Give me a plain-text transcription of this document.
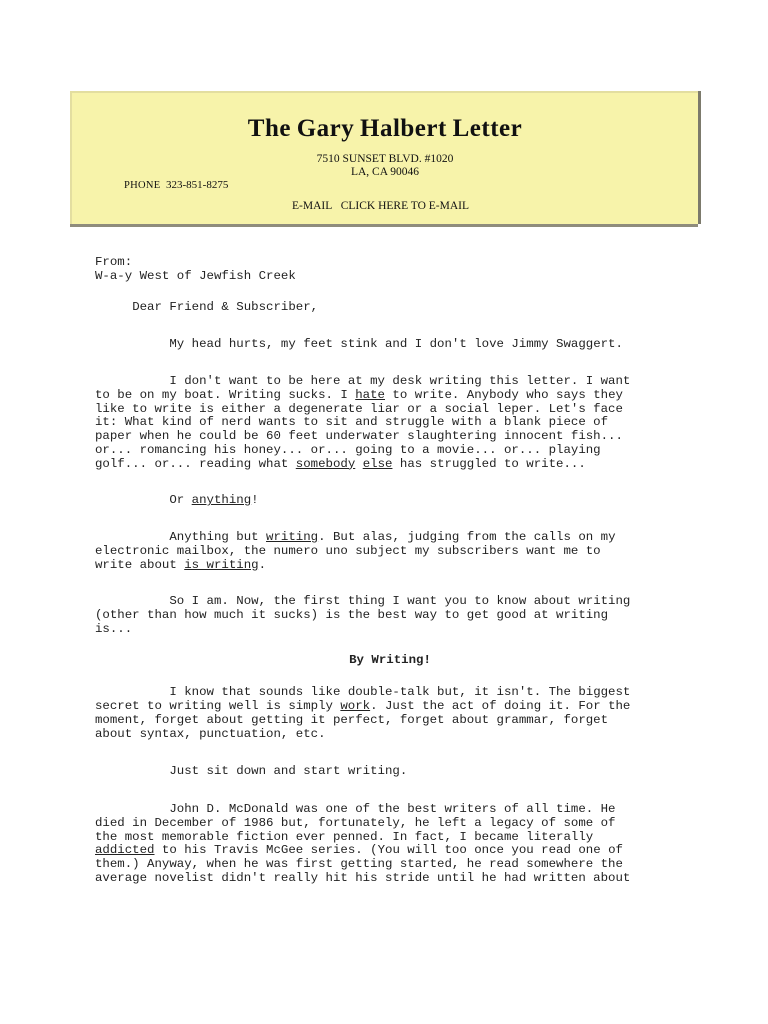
The Gary Halbert Letter
7510 SUNSET BLVD. #1020
LA, CA 90046
PHONE 323-851-8275
E-MAIL CLICK HERE TO E-MAIL

From:

W-a-y West of Jewfish Creek

Dear Friend & Subscriber,

My head hurts, my feet stink and I don't love Jimmy Swaggert.

I don't want to be here at my desk writing this letter. I want
to be on my boat. Writing sucks. I hate to write. Anybody who says they
like to write is either a degenerate liar or a social leper. Let's face
it: What kind of nerd wants to sit and struggle with a blank piece of
paper when he could be 60 feet underwater slaughtering innocent fish...
or... romancing his honey... or... going to a movie... or... playing
golf... or... reading what somebody else has struggled to write...

Or anything!

Anything but writing. But alas, judging from the calls on my
electronic mailbox, the numero uno subject my subscribers want me to
write about is writing.

So I am. Now, the first thing I want you to know about writing
(other than how much it sucks) is the best way to get good at writing
is...

By Writing!

I know that sounds like double-talk but, it isn't. The biggest
secret to writing well is simply work. Just the act of doing it. For the
moment, forget about getting it perfect, forget about grammar, forget
about syntax, punctuation, etc.

Just sit down and start writing.

John D. McDonald was one of the best writers of all time. He
died in December of 1986 but, fortunately, he left a legacy of some of
the most memorable fiction ever penned. In fact, I became literally
addicted to his Travis McGee series. (You will too once you read one of
them.) Anyway, when he was first getting started, he read somewhere the
average novelist didn't really hit his stride until he had written about
